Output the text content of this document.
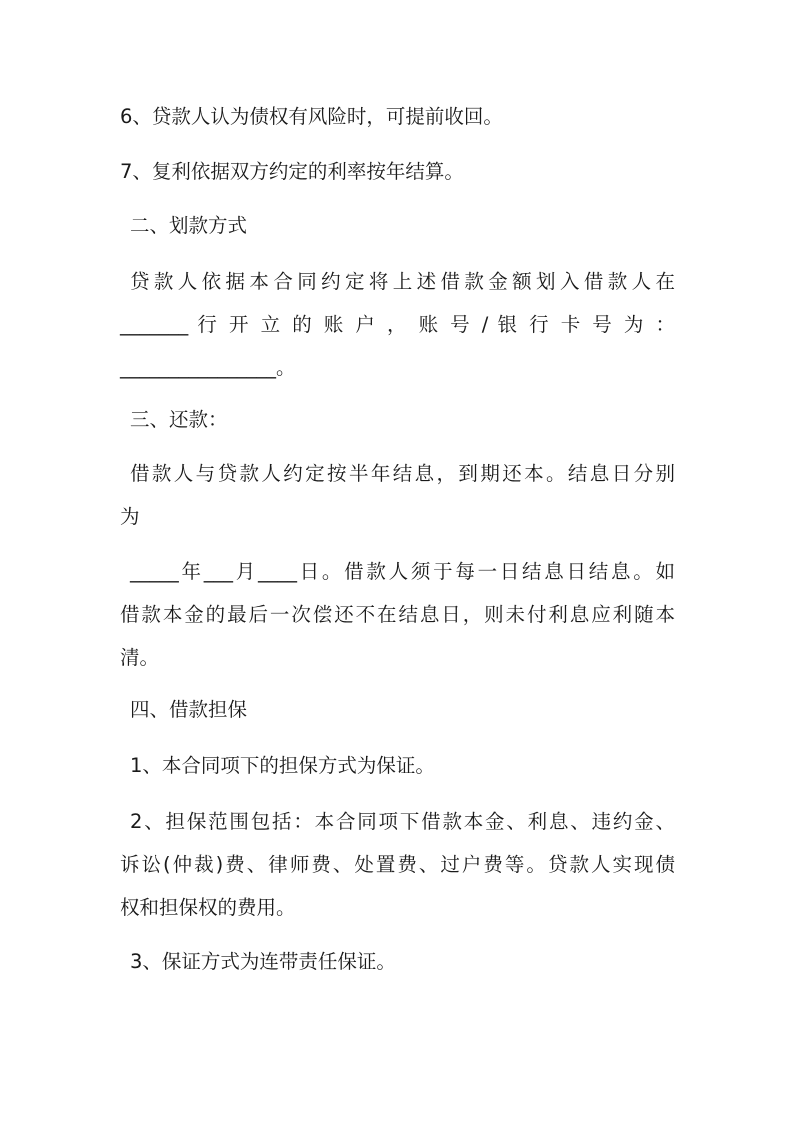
6、贷款人认为债权有风险时，可提前收回。

7、复利依据双方约定的利率按年结算。

二、划款方式

贷款人依据本合同约定将上述借款金额划入借款人在

_______ 行 开 立 的 账 户 ， 账 号 / 银 行 卡 号 为 ：

________________。

三、还款：

借款人与贷款人约定按半年结息，到期还本。结息日分别

为

_____年___月____日。借款人须于每一日结息日结息。如

借款本金的最后一次偿还不在结息日，则未付利息应利随本

清。

四、借款担保

1、本合同项下的担保方式为保证。

2、担保范围包括：本合同项下借款本金、利息、违约金、

诉讼(仲裁)费、律师费、处置费、过户费等。贷款人实现债

权和担保权的费用。

3、保证方式为连带责任保证。
